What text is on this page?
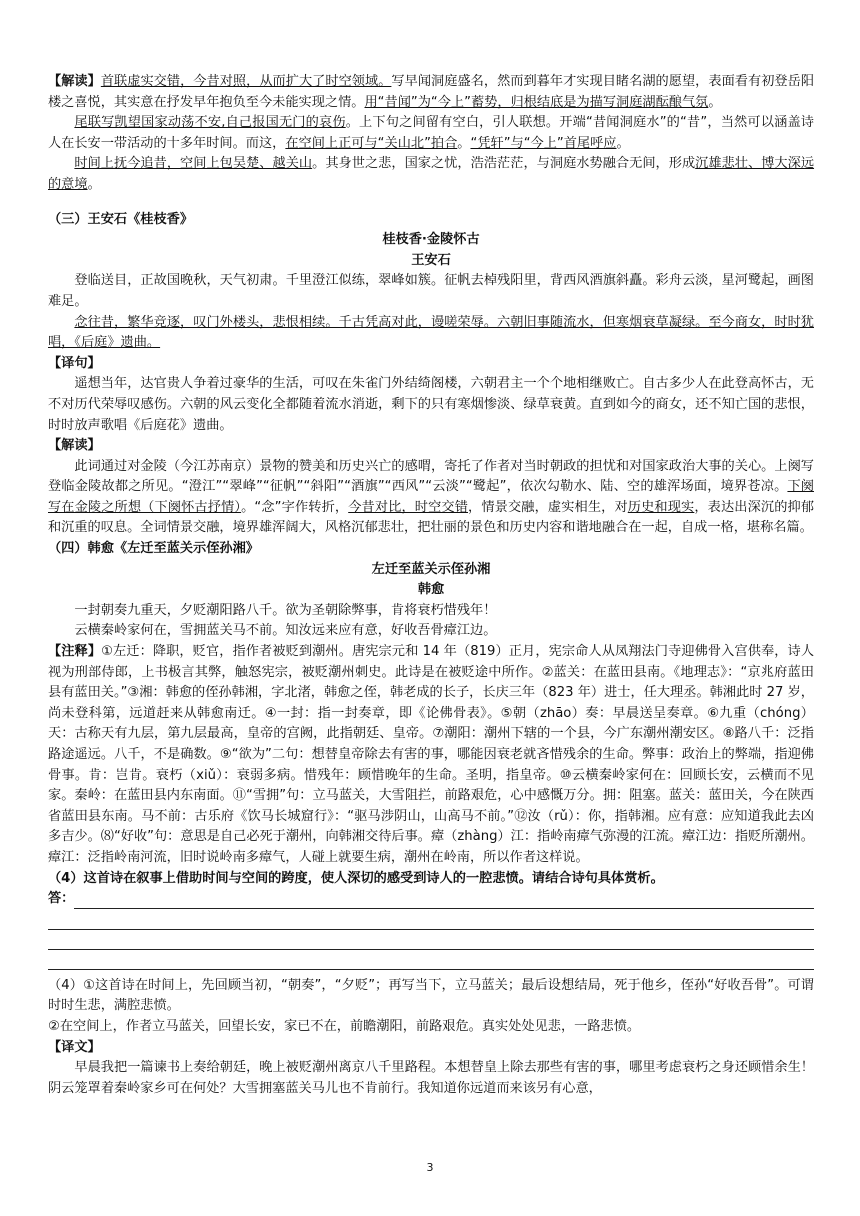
【解读】首联虚实交错，今昔对照，从而扩大了时空领域。写早闻洞庭盛名，然而到暮年才实现目睹名湖的愿望，表面看有初登岳阳楼之喜悦，其实意在抒发早年抱负至今未能实现之情。用“昔闻”为“今上”蓄势，归根结底是为描写洞庭湖酝酿气氛。

尾联写凯望国家动荡不安,自己报国无门的哀伤。上下句之间留有空白，引人联想。开端“昔闻洞庭水”的“昔”，当然可以涵盖诗人在长安一带活动的十多年时间。而这，在空间上正可与“关山北”拍合。“凭轩”与“今上”首尾呼应。

时间上抚今追昔，空间上包吴楚、越关山。其身世之悲，国家之忧，浩浩茫茫，与洞庭水势融合无间，形成沉雄悲壮、博大深远的意境。

（三）王安石《桂枝香》

桂枝香·金陵怀古

王安石

登临送目，正故国晚秋，天气初肃。千里澄江似练，翠峰如簇。征帆去棹残阳里，背西风酒旗斜矗。彩舟云淡，星河鹭起，画图难足。

念往昔，繁华竞逐，叹门外楼头，悲恨相续。千古凭高对此，谩嗟荣辱。六朝旧事随流水，但寒烟衰草凝绿。至今商女，时时犹唱，《后庭》遗曲。

【译句】

遥想当年，达官贵人争着过豪华的生活，可叹在朱雀门外结绮阁楼，六朝君主一个个地相继败亡。自古多少人在此登高怀古，无不对历代荣辱叹感伤。六朝的风云变化全都随着流水消逝，剩下的只有寒烟惨淡、绿草衰黄。直到如今的商女，还不知亡国的悲恨，时时放声歌唱《后庭花》遗曲。

【解读】

此词通过对金陵（今江苏南京）景物的赞美和历史兴亡的感喟，寄托了作者对当时朝政的担忧和对国家政治大事的关心。上阕写登临金陵故都之所见。“澄江”“翠峰”“征帆”“斜阳”“酒旗”“西风”“云淡”“鹭起”，依次勾勒水、陆、空的雄浑场面，境界苍凉。下阕写在金陵之所想（下阕怀古抒情）。“念”字作转折，今昔对比，时空交错，情景交融，虚实相生，对历史和现实，表达出深沉的抑郁和沉重的叹息。全词情景交融，境界雄浑阔大，风格沉郁悲壮，把壮丽的景色和历史内容和谐地融合在一起，自成一格，堪称名篇。

（四）韩愈《左迁至蓝关示侄孙湘》

左迁至蓝关示侄孙湘

韩愈

一封朝奏九重天，夕贬潮阳路八千。欲为圣朝除弊事，肯将衰朽惜残年！

云横秦岭家何在，雪拥蓝关马不前。知汝远来应有意，好收吾骨瘴江边。

【注释】①左迁：降职，贬官，指作者被贬到潮州。唐宪宗元和 14 年（819）正月，宪宗命人从凤翔法门寺迎佛骨入宫供奉，诗人视为刑部侍郎，上书极言其弊，触怒宪宗，被贬潮州刺史。此诗是在被贬途中所作。②蓝关：在蓝田县南。《地理志》：“京兆府蓝田县有蓝田关。”③湘：韩愈的侄孙韩湘，字北渚，韩愈之侄，韩老成的长子，长庆三年（823 年）进士，任大理丞。韩湘此时 27 岁，尚未登科第，远道赶来从韩愈南迁。④一封：指一封奏章，即《论佛骨表》。⑤朝（zhāo）奏：早晨送呈奏章。⑥九重（chóng）天：古称天有九层，第九层最高，皇帝的宫阙，此指朝廷、皇帝。⑦潮阳：潮州下辖的一个县，今广东潮州潮安区。⑧路八千：泛指路途遥远。八千，不是确数。⑨“欲为”二句：想替皇帝除去有害的事，哪能因衰老就吝惜残余的生命。弊事：政治上的弊端，指迎佛骨事。肯：岂肯。衰朽（xiǔ）：衰弱多病。惜残年：顾惜晚年的生命。圣明，指皇帝。⑩云横秦岭家何在：回顾长安，云横而不见家。秦岭：在蓝田县内东南面。⑪“雪拥”句：立马蓝关，大雪阻拦，前路艰危，心中感慨万分。拥：阻塞。蓝关：蓝田关，今在陕西省蓝田县东南。马不前：古乐府《饮马长城窟行》：“驱马涉阴山，山高马不前。”⑫汝（rǔ）：你，指韩湘。应有意：应知道我此去凶多吉少。⑻“好收”句：意思是自己必死于潮州，向韩湘交待后事。瘴（zhàng）江：指岭南瘴气弥漫的江流。瘴江边：指贬所潮州。瘴江：泛指岭南河流，旧时说岭南多瘴气，人碰上就要生病，潮州在岭南，所以作者这样说。

（4）这首诗在叙事上借助时间与空间的跨度，使人深切的感受到诗人的一腔悲愤。请结合诗句具体赏析。

答：

（4）①这首诗在时间上，先回顾当初，“朝奏”，“夕贬”；再写当下，立马蓝关；最后设想结局，死于他乡，侄孙“好收吾骨”。可谓时时生悲，满腔悲愤。

②在空间上，作者立马蓝关，回望长安，家已不在，前瞻潮阳，前路艰危。真实处处见悲，一路悲愤。

【译文】

早晨我把一篇谏书上奏给朝廷，晚上被贬潮州离京八千里路程。本想替皇上除去那些有害的事，哪里考虑衰朽之身还顾惜余生！阴云笼罩着秦岭家乡可在何处？大雪拥塞蓝关马儿也不肯前行。我知道你远道而来该另有心意，

3
